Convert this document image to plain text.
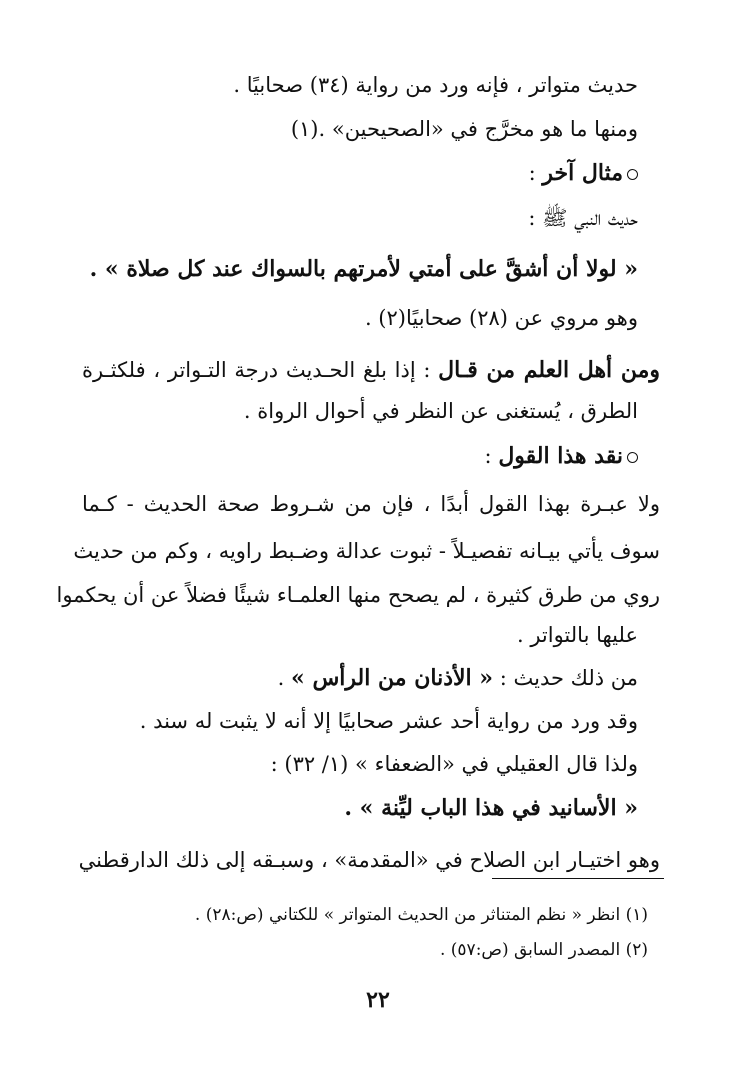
حديث متواتر ، فإنه ورد من رواية (٣٤) صحابيًا .
ومنها ما هو مخرَّج في «الصحيحين» .(١)
مثال آخر :
حديث النبي ﷺ :
« لولا أن أشقَّ على أمتي لأمرتهم بالسواك عند كل صلاة » .
وهو مروي عن (٢٨) صحابيًا(٢) .
ومن أهل العلم من قـال : إذا بلغ الحـديث درجة التـواتر ، فلكثـرة
الطرق ، يُستغنى عن النظر في أحوال الرواة .
نقد هذا القول :
ولا عبـرة بهذا القول أبدًا ، فإن من شـروط صحة الحديث - كـما
سوف يأتي بيـانه تفصيـلاً - ثبوت عدالة وضـبط راويه ، وكم من حديث
روي من طرق كثيرة ، لم يصحح منها العلمـاء شيئًا فضلاً عن أن يحكموا
عليها بالتواتر .
من ذلك حديث : « الأذنان من الرأس » .
وقد ورد من رواية أحد عشر صحابيًا إلا أنه لا يثبت له سند .
ولذا قال العقيلي في «الضعفاء » (١/ ٣٢) :
« الأسانيد في هذا الباب ليِّنة » .
وهو اختيـار ابن الصلاح في «المقدمة» ، وسبـقه إلى ذلك الدارقطني
(١) انظر « نظم المتناثر من الحديث المتواتر » للكتاني (ص:٢٨) .
(٢) المصدر السابق (ص:٥٧) .
٢٢
